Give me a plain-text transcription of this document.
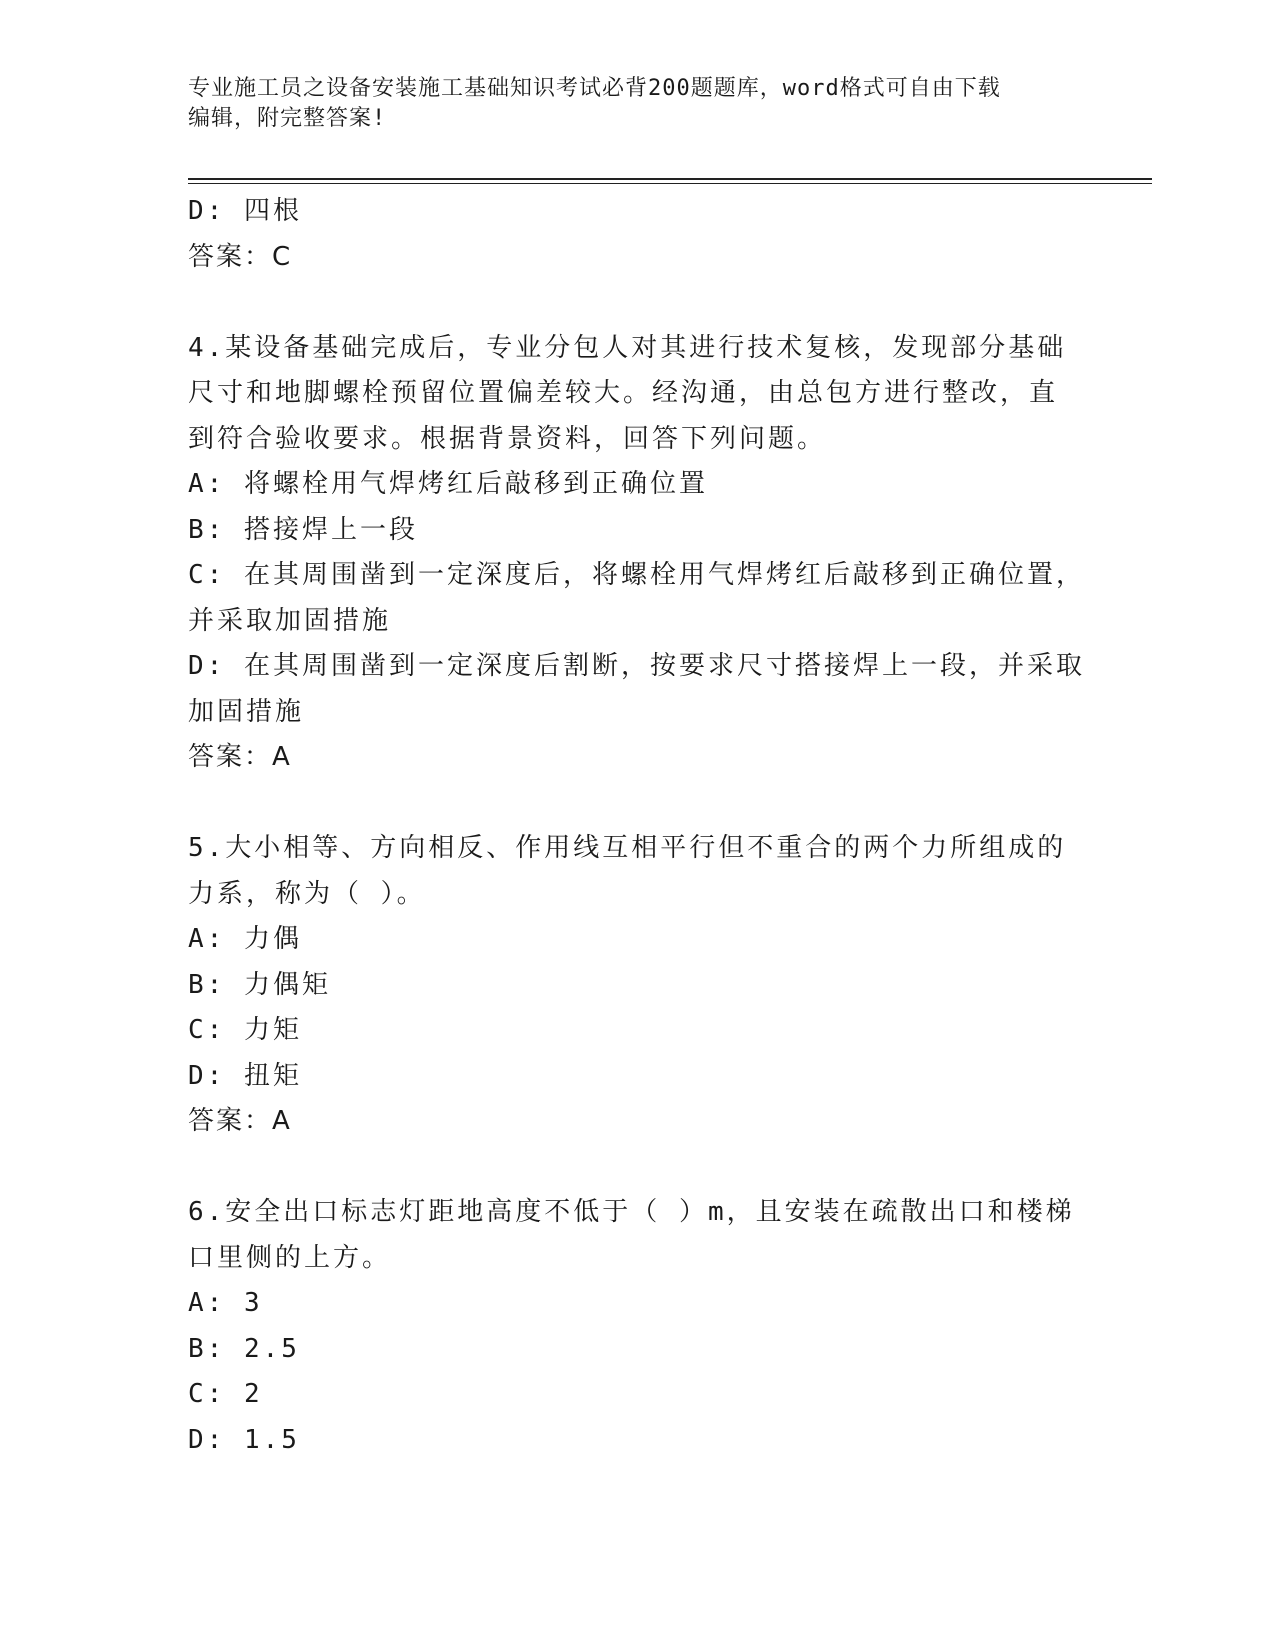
专业施工员之设备安装施工基础知识考试必背200题题库，word格式可自由下载
编辑，附完整答案!
D: 四根
答案：C
4.某设备基础完成后，专业分包人对其进行技术复核，发现部分基础
尺寸和地脚螺栓预留位置偏差较大。经沟通，由总包方进行整改，直
到符合验收要求。根据背景资料，回答下列问题。
A: 将螺栓用气焊烤红后敲移到正确位置
B: 搭接焊上一段
C: 在其周围凿到一定深度后，将螺栓用气焊烤红后敲移到正确位置，
并采取加固措施
D: 在其周围凿到一定深度后割断，按要求尺寸搭接焊上一段，并采取
加固措施
答案：A
5.大小相等、方向相反、作用线互相平行但不重合的两个力所组成的
力系，称为（ ）。
A: 力偶
B: 力偶矩
C: 力矩
D: 扭矩
答案：A
6.安全出口标志灯距地高度不低于（ ）m，且安装在疏散出口和楼梯
口里侧的上方。
A: 3
B: 2.5
C: 2
D: 1.5
